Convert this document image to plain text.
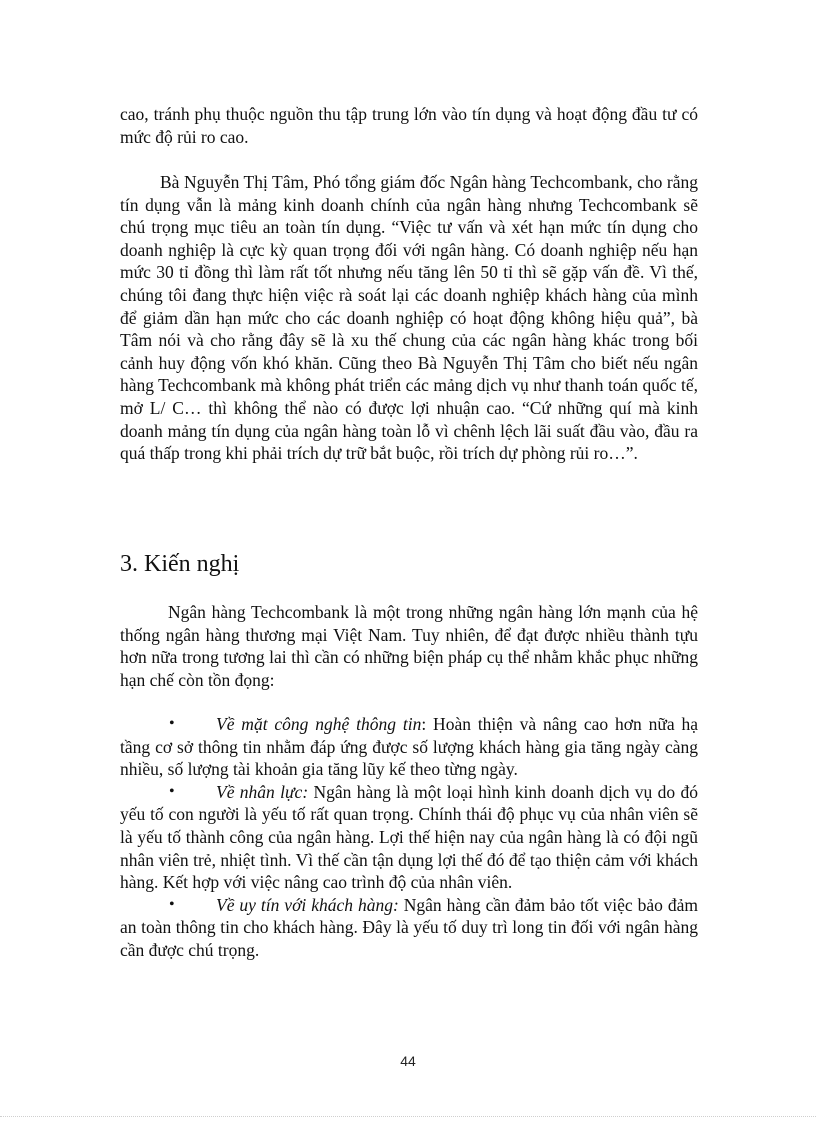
cao, tránh phụ thuộc nguồn thu tập trung lớn vào tín dụng và hoạt động đầu tư có mức độ rủi ro cao.

Bà Nguyễn Thị Tâm, Phó tổng giám đốc Ngân hàng Techcombank, cho rằng tín dụng vẫn là mảng kinh doanh chính của ngân hàng nhưng Techcombank sẽ chú trọng mục tiêu an toàn tín dụng. “Việc tư vấn và xét hạn mức tín dụng cho doanh nghiệp là cực kỳ quan trọng đối với ngân hàng. Có doanh nghiệp nếu hạn mức 30 tỉ đồng thì làm rất tốt nhưng nếu tăng lên 50 tỉ thì sẽ gặp vấn đề. Vì thế, chúng tôi đang thực hiện việc rà soát lại các doanh nghiệp khách hàng của mình để giảm dần hạn mức cho các doanh nghiệp có hoạt động không hiệu quả”, bà Tâm nói và cho rằng đây sẽ là xu thế chung của các ngân hàng khác trong bối cảnh huy động vốn khó khăn. Cũng theo Bà Nguyễn Thị Tâm cho biết nếu ngân hàng Techcombank mà không phát triển các mảng dịch vụ như thanh toán quốc tế, mở L/ C… thì không thể nào có được lợi nhuận cao. “Cứ những quí mà kinh doanh mảng tín dụng của ngân hàng toàn lỗ vì chênh lệch lãi suất đầu vào, đầu ra quá thấp trong khi phải trích dự trữ bắt buộc, rồi trích dự phòng rủi ro…”.

3. Kiến nghị

Ngân hàng Techcombank là một trong những ngân hàng lớn mạnh của hệ thống ngân hàng thương mại Việt Nam. Tuy nhiên, để đạt được nhiều thành tựu hơn nữa trong tương lai thì cần có những biện pháp cụ thể nhằm khắc phục những hạn chế còn tồn đọng:

• Về mặt công nghệ thông tin: Hoàn thiện và nâng cao hơn nữa hạ tầng cơ sở thông tin nhằm đáp ứng được số lượng khách hàng gia tăng ngày càng nhiều, số lượng tài khoản gia tăng lũy kế theo từng ngày.
• Về nhân lực: Ngân hàng là một loại hình kinh doanh dịch vụ do đó yếu tố con người là yếu tố rất quan trọng. Chính thái độ phục vụ của nhân viên sẽ là yếu tố thành công của ngân hàng. Lợi thế hiện nay của ngân hàng là có đội ngũ nhân viên trẻ, nhiệt tình. Vì thế cần tận dụng lợi thế đó để tạo thiện cảm với khách hàng. Kết hợp với việc nâng cao trình độ của nhân viên.
• Về uy tín với khách hàng: Ngân hàng cần đảm bảo tốt việc bảo đảm an toàn thông tin cho khách hàng. Đây là yếu tố duy trì long tin đối với ngân hàng cần được chú trọng.
44
